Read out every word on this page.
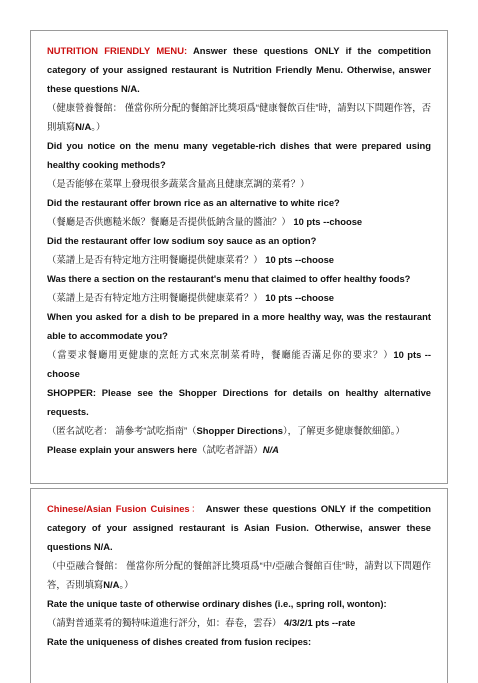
NUTRITION FRIENDLY MENU: Answer these questions ONLY if the competition category of your assigned restaurant is Nutrition Friendly Menu. Otherwise, answer these questions N/A.

（健康營養餐館： 僅當你所分配的餐館評比獎項爲“健康餐飲百佳”時，請對以下問題作答，否則填寫N/A。）

Did you notice on the menu many vegetable-rich dishes that were prepared using healthy cooking methods?

（是否能够在菜單上發現很多蔬菜含量高且健康烹調的菜肴？）

Did the restaurant offer brown rice as an alternative to white rice?

（餐廳是否供應糙米飯？餐廳是否提供低鈉含量的醬油？） 10 pts --choose

Did the restaurant offer low sodium soy sauce as an option?

（菜譜上是否有特定地方注明餐廳提供健康菜肴？） 10 pts --choose

Was there a section on the restaurant's menu that claimed to offer healthy foods?

（菜譜上是否有特定地方注明餐廳提供健康菜肴？） 10 pts --choose

When you asked for a dish to be prepared in a more healthy way, was the restaurant able to accommodate you?

（當要求餐廳用更健康的烹飪方式來烹制菜肴時，餐廳能否滿足你的要求？）10 pts --choose

SHOPPER: Please see the Shopper Directions for details on healthy alternative requests.

（匿名試吃者： 請參考“試吃指南”（Shopper Directions），了解更多健康餐飲細節。）

Please explain your answers here（試吃者評語）N/A

Chinese/Asian Fusion Cuisines： Answer these questions ONLY if the competition category of your assigned restaurant is Asian Fusion. Otherwise, answer these questions N/A.

（中亞融合餐館： 僅當你所分配的餐館評比獎項爲“中/亞融合餐館百佳”時，請對以下問題作答，否則填寫N/A。）

Rate the unique taste of otherwise ordinary dishes (i.e., spring roll, wonton):

（請對普通菜肴的獨特味道進行評分，如：春卷，雲吞） 4/3/2/1 pts --rate

Rate the uniqueness of dishes created from fusion recipes:
